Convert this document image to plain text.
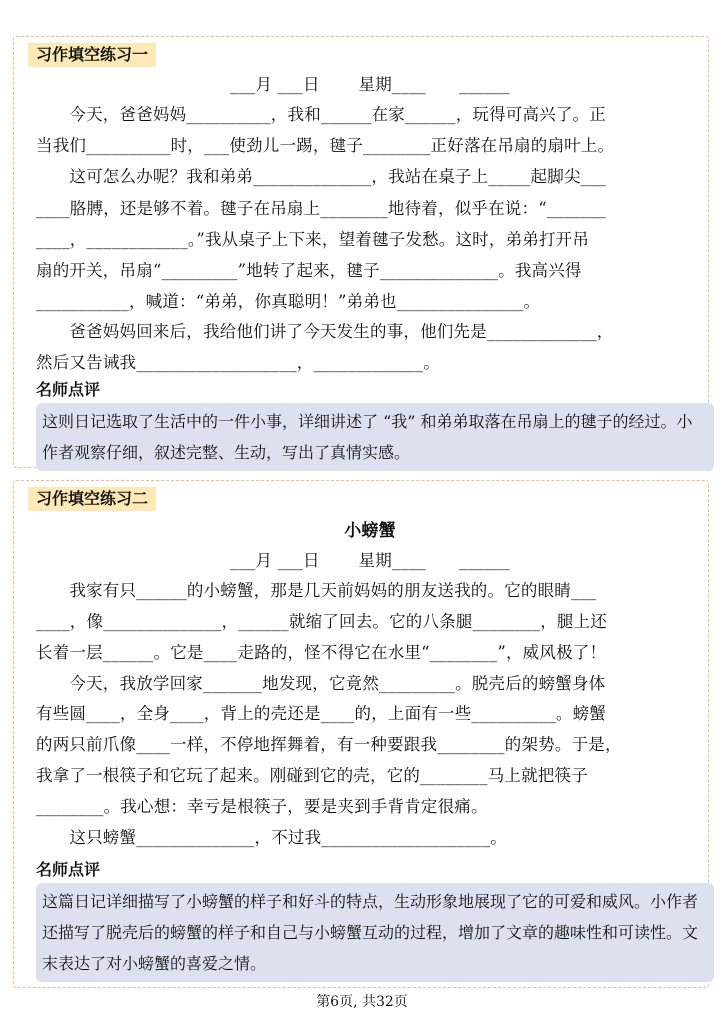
习作填空练习一
___月 ___日　　 星期____　　______
　　今天，爸爸妈妈__________，我和______在家______，玩得可高兴了。正
当我们__________时，___使劲儿一踢，毽子________正好落在吊扇的扇叶上。
　　这可怎么办呢？我和弟弟______________，我站在桌子上_____起脚尖___
____胳膊，还是够不着。毽子在吊扇上________地待着，似乎在说：“_______
____，____________。”我从桌子上下来，望着毽子发愁。这时，弟弟打开吊
扇的开关，吊扇“_________”地转了起来，毽子______________。我高兴得
___________，喊道：“弟弟，你真聪明！”弟弟也_______________。
　　爸爸妈妈回来后，我给他们讲了今天发生的事，他们先是_____________，
然后又告诫我___________________，_____________。
名师点评
这则日记选取了生活中的一件小事，详细讲述了 “我” 和弟弟取落在吊扇上的毽子的经过。小作者观察仔细，叙述完整、生动，写出了真情实感。
习作填空练习二
小螃蟹
___月 ___日　　 星期____　　______
　　我家有只______的小螃蟹，那是几天前妈妈的朋友送我的。它的眼睛___
____，像______________，______就缩了回去。它的八条腿________，腿上还
长着一层______。它是____走路的，怪不得它在水里“________”，威风极了！
　　今天，我放学回家_______地发现，它竟然_________。脱壳后的螃蟹身体
有些圆____，全身____，背上的壳还是____的，上面有一些__________。螃蟹
的两只前爪像____一样，不停地挥舞着，有一种要跟我________的架势。于是，
我拿了一根筷子和它玩了起来。刚碰到它的壳，它的________马上就把筷子
________。我心想：幸亏是根筷子，要是夹到手背肯定很痛。
　　这只螃蟹______________，不过我____________________。
名师点评
这篇日记详细描写了小螃蟹的样子和好斗的特点，生动形象地展现了它的可爱和威风。小作者还描写了脱壳后的螃蟹的样子和自己与小螃蟹互动的过程，增加了文章的趣味性和可读性。文末表达了对小螃蟹的喜爱之情。
第6页, 共32页
